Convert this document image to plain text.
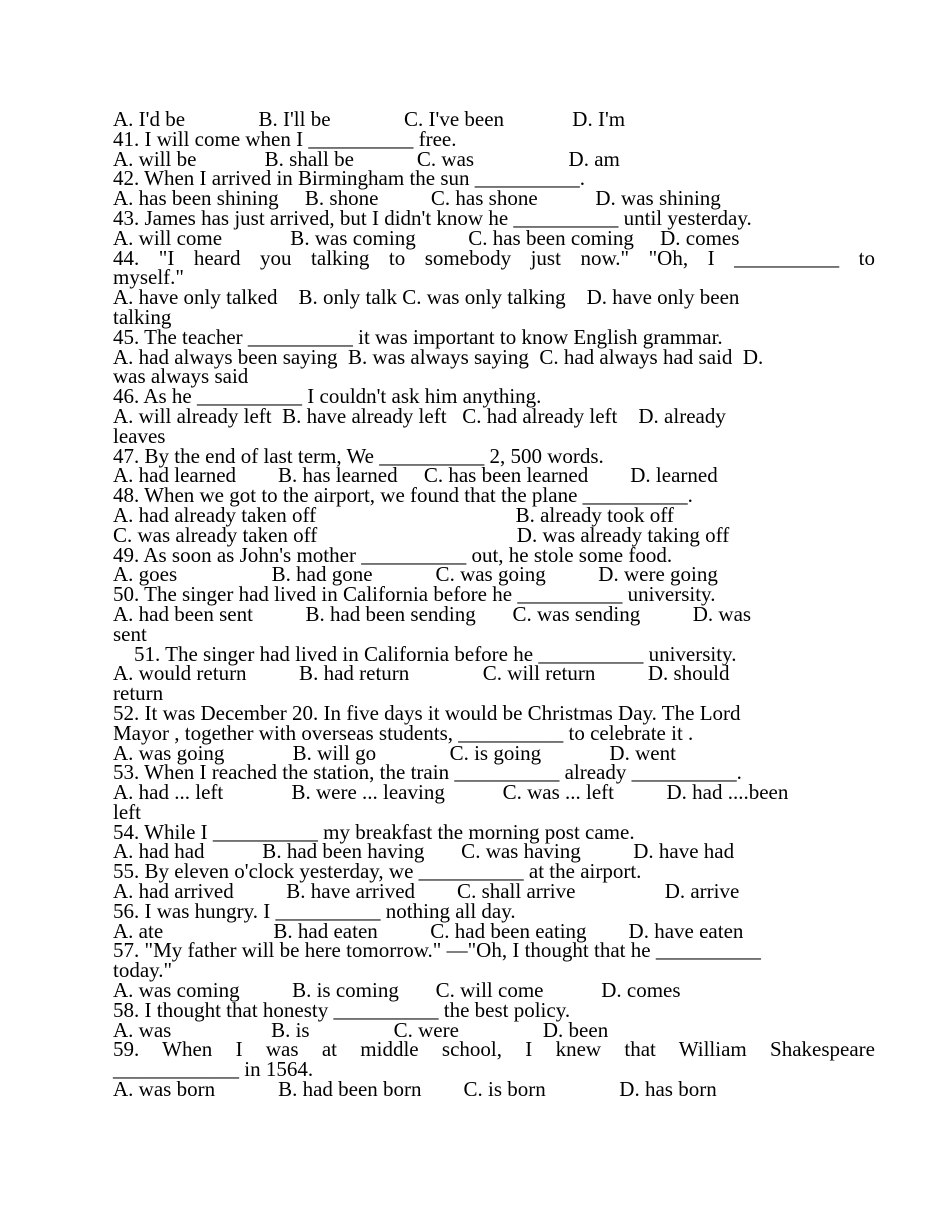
A. I'd be              B. I'll be              C. I've been             D. I'm
41. I will come when I __________ free.
A. will be             B. shall be            C. was                  D. am
42. When I arrived in Birmingham the sun __________.
A. has been shining     B. shone          C. has shone           D. was shining
43. James has just arrived, but I didn't know he __________ until yesterday.
A. will come             B. was coming          C. has been coming     D. comes
44. "I heard you talking to somebody just now." "Oh, I __________ to
myself."
A. have only talked    B. only talk C. was only talking    D. have only been
talking
45. The teacher __________ it was important to know English grammar.
A. had always been saying  B. was always saying  C. had always had said  D.
was always said
46. As he __________ I couldn't ask him anything.
A. will already left  B. have already left   C. had already left    D. already
leaves
47. By the end of last term, We __________ 2, 500 words.
A. had learned        B. has learned     C. has been learned        D. learned
48. When we got to the airport, we found that the plane __________.
A. had already taken off                                      B. already took off
C. was already taken off                                      D. was already taking off
49. As soon as John's mother __________ out, he stole some food.
A. goes                  B. had gone            C. was going          D. were going
50. The singer had lived in California before he __________ university.
A. had been sent          B. had been sending       C. was sending          D. was
sent
51. The singer had lived in California before he __________ university.
A. would return          B. had return              C. will return          D. should
return
52. It was December 20. In five days it would be Christmas Day. The Lord
Mayor , together with overseas students, __________ to celebrate it .
A. was going             B. will go              C. is going             D. went
53. When I reached the station, the train __________ already __________.
A. had ... left             B. were ... leaving           C. was ... left          D. had ....been
left
54. While I __________ my breakfast the morning post came.
A. had had           B. had been having       C. was having          D. have had
55. By eleven o'clock yesterday, we __________ at the airport.
A. had arrived          B. have arrived        C. shall arrive                 D. arrive
56. I was hungry. I __________ nothing all day.
A. ate                     B. had eaten          C. had been eating        D. have eaten
57. "My father will be here tomorrow." —"Oh, I thought that he __________
today."
A. was coming          B. is coming       C. will come           D. comes
58. I thought that honesty __________ the best policy.
A. was                   B. is                C. were                D. been
59. When I was at middle school, I knew that William Shakespeare
____________ in 1564.
A. was born            B. had been born        C. is born              D. has born
